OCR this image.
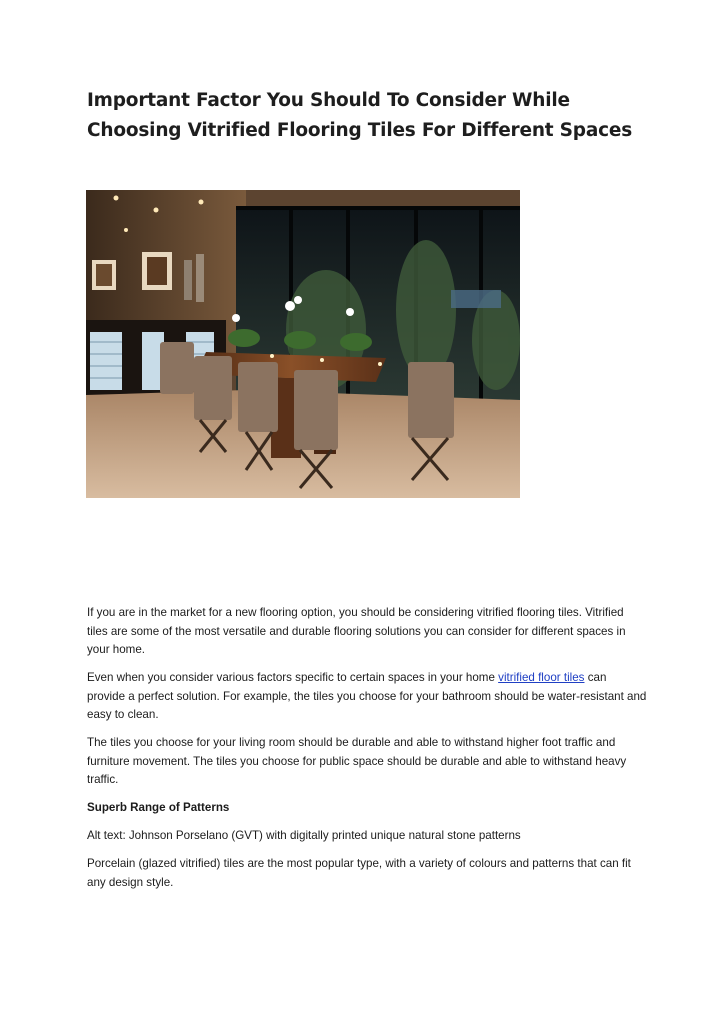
Important Factor You Should To Consider While Choosing Vitrified Flooring Tiles For Different Spaces

If you are in the market for a new flooring option, you should be considering vitrified flooring tiles. Vitrified tiles are some of the most versatile and durable flooring solutions you can consider for different spaces in your home.

Even when you consider various factors specific to certain spaces in your home vitrified floor tiles can provide a perfect solution. For example, the tiles you choose for your bathroom should be water-resistant and easy to clean.

The tiles you choose for your living room should be durable and able to withstand higher foot traffic and furniture movement. The tiles you choose for public space should be durable and able to withstand heavy traffic.

Superb Range of Patterns

Alt text: Johnson Porselano (GVT) with digitally printed unique natural stone patterns

Porcelain (glazed vitrified) tiles are the most popular type, with a variety of colours and patterns that can fit any design style.
